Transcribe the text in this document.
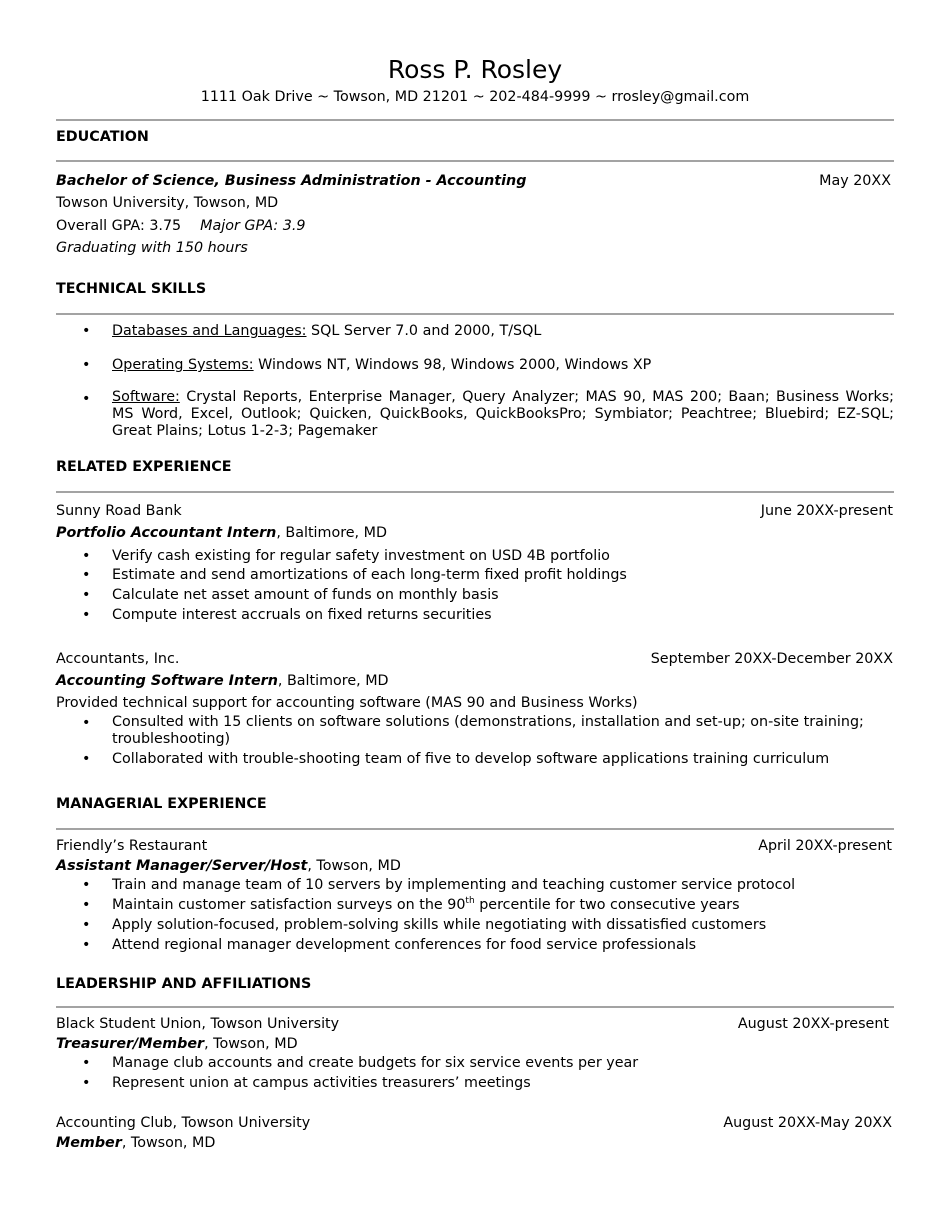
Ross P. Rosley
1111 Oak Drive ~ Towson, MD 21201 ~ 202-484-9999 ~ rrosley@gmail.com
EDUCATION
Bachelor of Science, Business Administration - Accounting	May 20XX
Towson University, Towson, MD
Overall GPA: 3.75 Major GPA: 3.9
Graduating with 150 hours
TECHNICAL SKILLS
• Databases and Languages: SQL Server 7.0 and 2000, T/SQL
• Operating Systems: Windows NT, Windows 98, Windows 2000, Windows XP
• Software: Crystal Reports, Enterprise Manager, Query Analyzer; MAS 90, MAS 200; Baan; Business Works; MS Word, Excel, Outlook; Quicken, QuickBooks, QuickBooksPro; Symbiator; Peachtree; Bluebird; EZ-SQL; Great Plains; Lotus 1-2-3; Pagemaker
RELATED EXPERIENCE
Sunny Road Bank	June 20XX-present
Portfolio Accountant Intern, Baltimore, MD
• Verify cash existing for regular safety investment on USD 4B portfolio
• Estimate and send amortizations of each long-term fixed profit holdings
• Calculate net asset amount of funds on monthly basis
• Compute interest accruals on fixed returns securities
Accountants, Inc.	September 20XX-December 20XX
Accounting Software Intern, Baltimore, MD
Provided technical support for accounting software (MAS 90 and Business Works)
• Consulted with 15 clients on software solutions (demonstrations, installation and set-up; on-site training; troubleshooting)
• Collaborated with trouble-shooting team of five to develop software applications training curriculum
MANAGERIAL EXPERIENCE
Friendly’s Restaurant	April 20XX-present
Assistant Manager/Server/Host, Towson, MD
• Train and manage team of 10 servers by implementing and teaching customer service protocol
• Maintain customer satisfaction surveys on the 90th percentile for two consecutive years
• Apply solution-focused, problem-solving skills while negotiating with dissatisfied customers
• Attend regional manager development conferences for food service professionals
LEADERSHIP AND AFFILIATIONS
Black Student Union, Towson University	August 20XX-present
Treasurer/Member, Towson, MD
• Manage club accounts and create budgets for six service events per year
• Represent union at campus activities treasurers’ meetings
Accounting Club, Towson University	August 20XX-May 20XX
Member, Towson, MD
